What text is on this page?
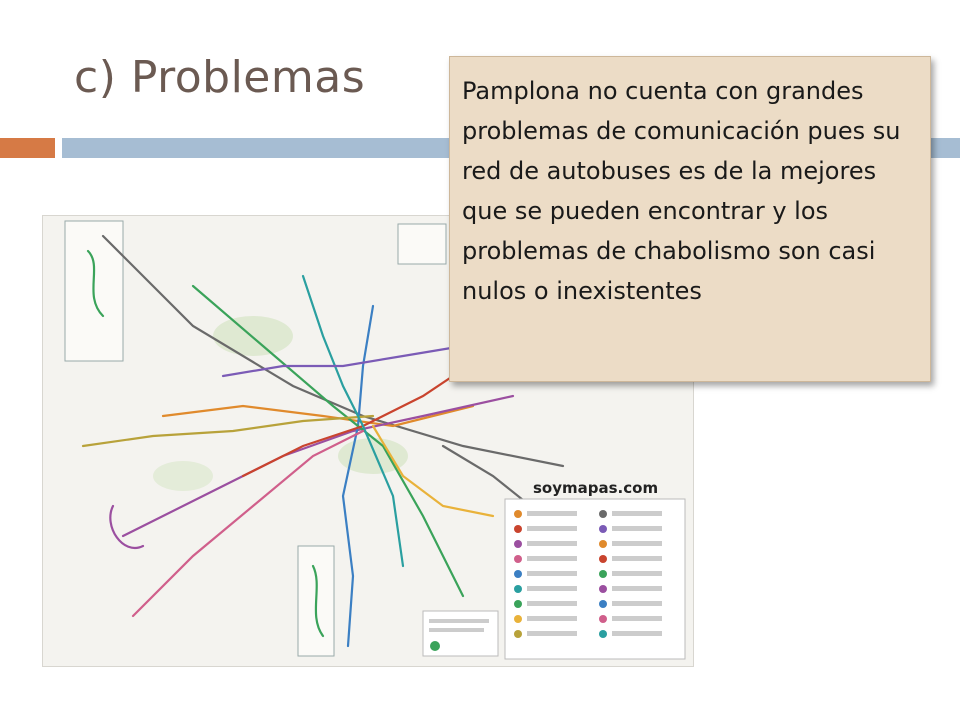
c) Problemas
soymapas.com

Pamplona no cuenta con grandes problemas de comunicación pues su red de autobuses es de la mejores que se pueden encontrar y los problemas de chabolismo son casi nulos o inexistentes
